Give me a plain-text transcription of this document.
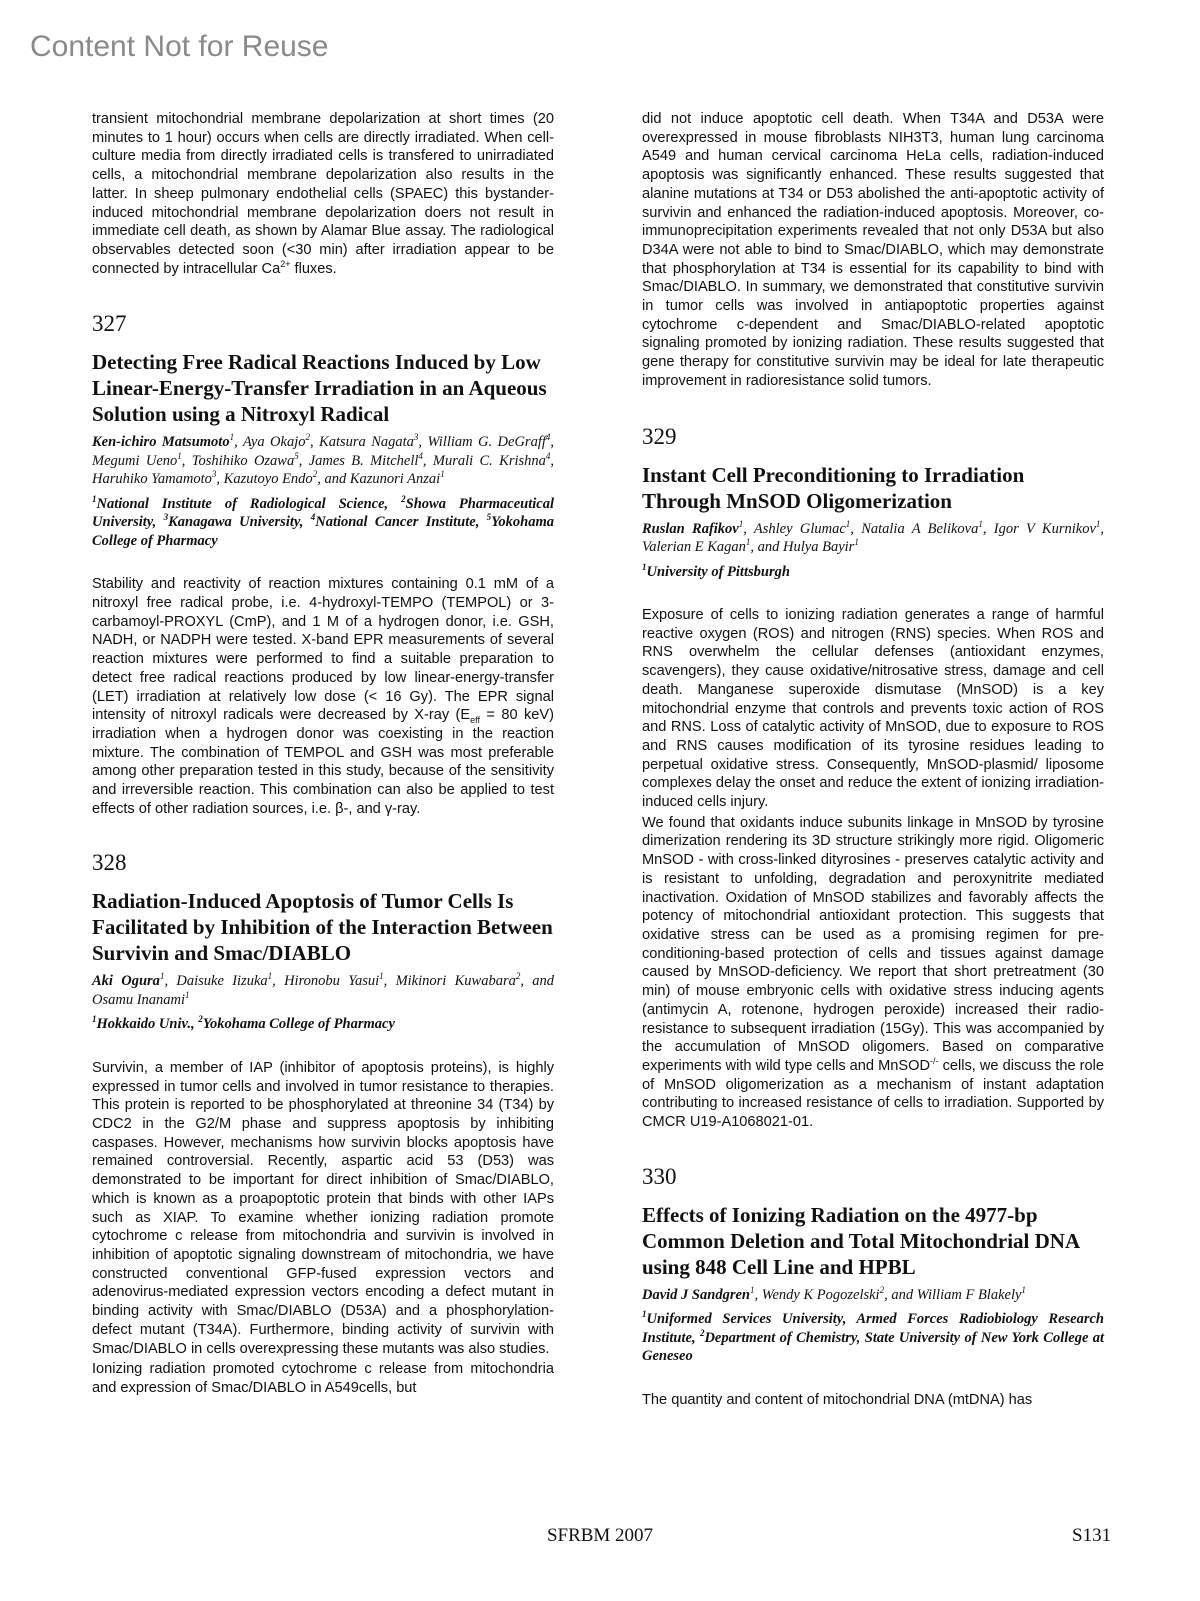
Content Not for Reuse

transient mitochondrial membrane depolarization at short times (20 minutes to 1 hour) occurs when cells are directly irradiated. When cell-culture media from directly irradiated cells is transfered to unirradiated cells, a mitochondrial membrane depolarization also results in the latter. In sheep pulmonary endothelial cells (SPAEC) this bystander-induced mitochondrial membrane depolarization doers not result in immediate cell death, as shown by Alamar Blue assay. The radiological observables detected soon (<30 min) after irradiation appear to be connected by intracellular $Ca^{2+}$ fluxes.

327

Detecting Free Radical Reactions Induced by Low Linear-Energy-Transfer Irradiation in an Aqueous Solution using a Nitroxyl Radical

Ken-ichiro Matsumoto$^1$, Aya Okajo$^2$, Katsura Nagata$^3$, William G. DeGraff$^4$, Megumi Ueno$^1$, Toshihiko Ozawa$^5$, James B. Mitchell$^4$, Murali C. Krishna$^4$, Haruhiko Yamamoto$^3$, Kazutoyo Endo$^2$, and Kazunori Anzai$^1$

$^1$National Institute of Radiological Science, $^2$Showa Pharmaceutical University, $^3$Kanagawa University, $^4$National Cancer Institute, $^5$Yokohama College of Pharmacy

Stability and reactivity of reaction mixtures containing 0.1 mM of a nitroxyl free radical probe, i.e. 4-hydroxyl-TEMPO (TEMPOL) or 3-carbamoyl-PROXYL (CmP), and 1 M of a hydrogen donor, i.e. GSH, NADH, or NADPH were tested. X-band EPR measurements of several reaction mixtures were performed to find a suitable preparation to detect free radical reactions produced by low linear-energy-transfer (LET) irradiation at relatively low dose (< 16 Gy). The EPR signal intensity of nitroxyl radicals were decreased by X-ray ($E_{eff} = 80$ keV) irradiation when a hydrogen donor was coexisting in the reaction mixture. The combination of TEMPOL and GSH was most preferable among other preparation tested in this study, because of the sensitivity and irreversible reaction. This combination can also be applied to test effects of other radiation sources, i.e. β-, and γ-ray.

328

Radiation-Induced Apoptosis of Tumor Cells Is Facilitated by Inhibition of the Interaction Between Survivin and Smac/DIABLO

Aki Ogura$^1$, Daisuke Iizuka$^1$, Hironobu Yasui$^1$, Mikinori Kuwabara$^2$, and Osamu Inanami$^1$

$^1$Hokkaido Univ., $^2$Yokohama College of Pharmacy

Survivin, a member of IAP (inhibitor of apoptosis proteins), is highly expressed in tumor cells and involved in tumor resistance to therapies. This protein is reported to be phosphorylated at threonine 34 (T34) by CDC2 in the G2/M phase and suppress apoptosis by inhibiting caspases. However, mechanisms how survivin blocks apoptosis have remained controversial. Recently, aspartic acid 53 (D53) was demonstrated to be important for direct inhibition of Smac/DIABLO, which is known as a proapoptotic protein that binds with other IAPs such as XIAP. To examine whether ionizing radiation promote cytochrome c release from mitochondria and survivin is involved in inhibition of apoptotic signaling downstream of mitochondria, we have constructed conventional GFP-fused expression vectors and adenovirus-mediated expression vectors encoding a defect mutant in binding activity with Smac/DIABLO (D53A) and a phosphorylation-defect mutant (T34A). Furthermore, binding activity of survivin with Smac/DIABLO in cells overexpressing these mutants was also studies.

Ionizing radiation promoted cytochrome c release from mitochondria and expression of Smac/DIABLO in A549cells, but

did not induce apoptotic cell death. When T34A and D53A were overexpressed in mouse fibroblasts NIH3T3, human lung carcinoma A549 and human cervical carcinoma HeLa cells, radiation-induced apoptosis was significantly enhanced. These results suggested that alanine mutations at T34 or D53 abolished the anti-apoptotic activity of survivin and enhanced the radiation-induced apoptosis. Moreover, co-immunoprecipitation experiments revealed that not only D53A but also D34A were not able to bind to Smac/DIABLO, which may demonstrate that phosphorylation at T34 is essential for its capability to bind with Smac/DIABLO. In summary, we demonstrated that constitutive survivin in tumor cells was involved in antiapoptotic properties against cytochrome c-dependent and Smac/DIABLO-related apoptotic signaling promoted by ionizing radiation. These results suggested that gene therapy for constitutive survivin may be ideal for late therapeutic improvement in radioresistance solid tumors.

329

Instant Cell Preconditioning to Irradiation Through MnSOD Oligomerization

Ruslan Rafikov$^1$, Ashley Glumac$^1$, Natalia A Belikova$^1$, Igor V Kurnikov$^1$, Valerian E Kagan$^1$, and Hulya Bayir$^1$

$^1$University of Pittsburgh

Exposure of cells to ionizing radiation generates a range of harmful reactive oxygen (ROS) and nitrogen (RNS) species. When ROS and RNS overwhelm the cellular defenses (antioxidant enzymes, scavengers), they cause oxidative/nitrosative stress, damage and cell death. Manganese superoxide dismutase (MnSOD) is a key mitochondrial enzyme that controls and prevents toxic action of ROS and RNS. Loss of catalytic activity of MnSOD, due to exposure to ROS and RNS causes modification of its tyrosine residues leading to perpetual oxidative stress. Consequently, MnSOD-plasmid/ liposome complexes delay the onset and reduce the extent of ionizing irradiation-induced cells injury.

We found that oxidants induce subunits linkage in MnSOD by tyrosine dimerization rendering its 3D structure strikingly more rigid. Oligomeric MnSOD - with cross-linked dityrosines - preserves catalytic activity and is resistant to unfolding, degradation and peroxynitrite mediated inactivation. Oxidation of MnSOD stabilizes and favorably affects the potency of mitochondrial antioxidant protection. This suggests that oxidative stress can be used as a promising regimen for pre-conditioning-based protection of cells and tissues against damage caused by MnSOD-deficiency. We report that short pretreatment (30 min) of mouse embryonic cells with oxidative stress inducing agents (antimycin A, rotenone, hydrogen peroxide) increased their radio-resistance to subsequent irradiation (15Gy). This was accompanied by the accumulation of MnSOD oligomers. Based on comparative experiments with wild type cells and MnSOD-/- cells, we discuss the role of MnSOD oligomerization as a mechanism of instant adaptation contributing to increased resistance of cells to irradiation. Supported by CMCR U19-A1068021-01.

330

Effects of Ionizing Radiation on the 4977-bp Common Deletion and Total Mitochondrial DNA using 848 Cell Line and HPBL

David J Sandgren$^1$, Wendy K Pogozelski$^2$, and William F Blakely$^1$

$^1$Uniformed Services University, Armed Forces Radiobiology Research Institute, $^2$Department of Chemistry, State University of New York College at Geneseo

The quantity and content of mitochondrial DNA (mtDNA) has

SFRBM 2007	S131
